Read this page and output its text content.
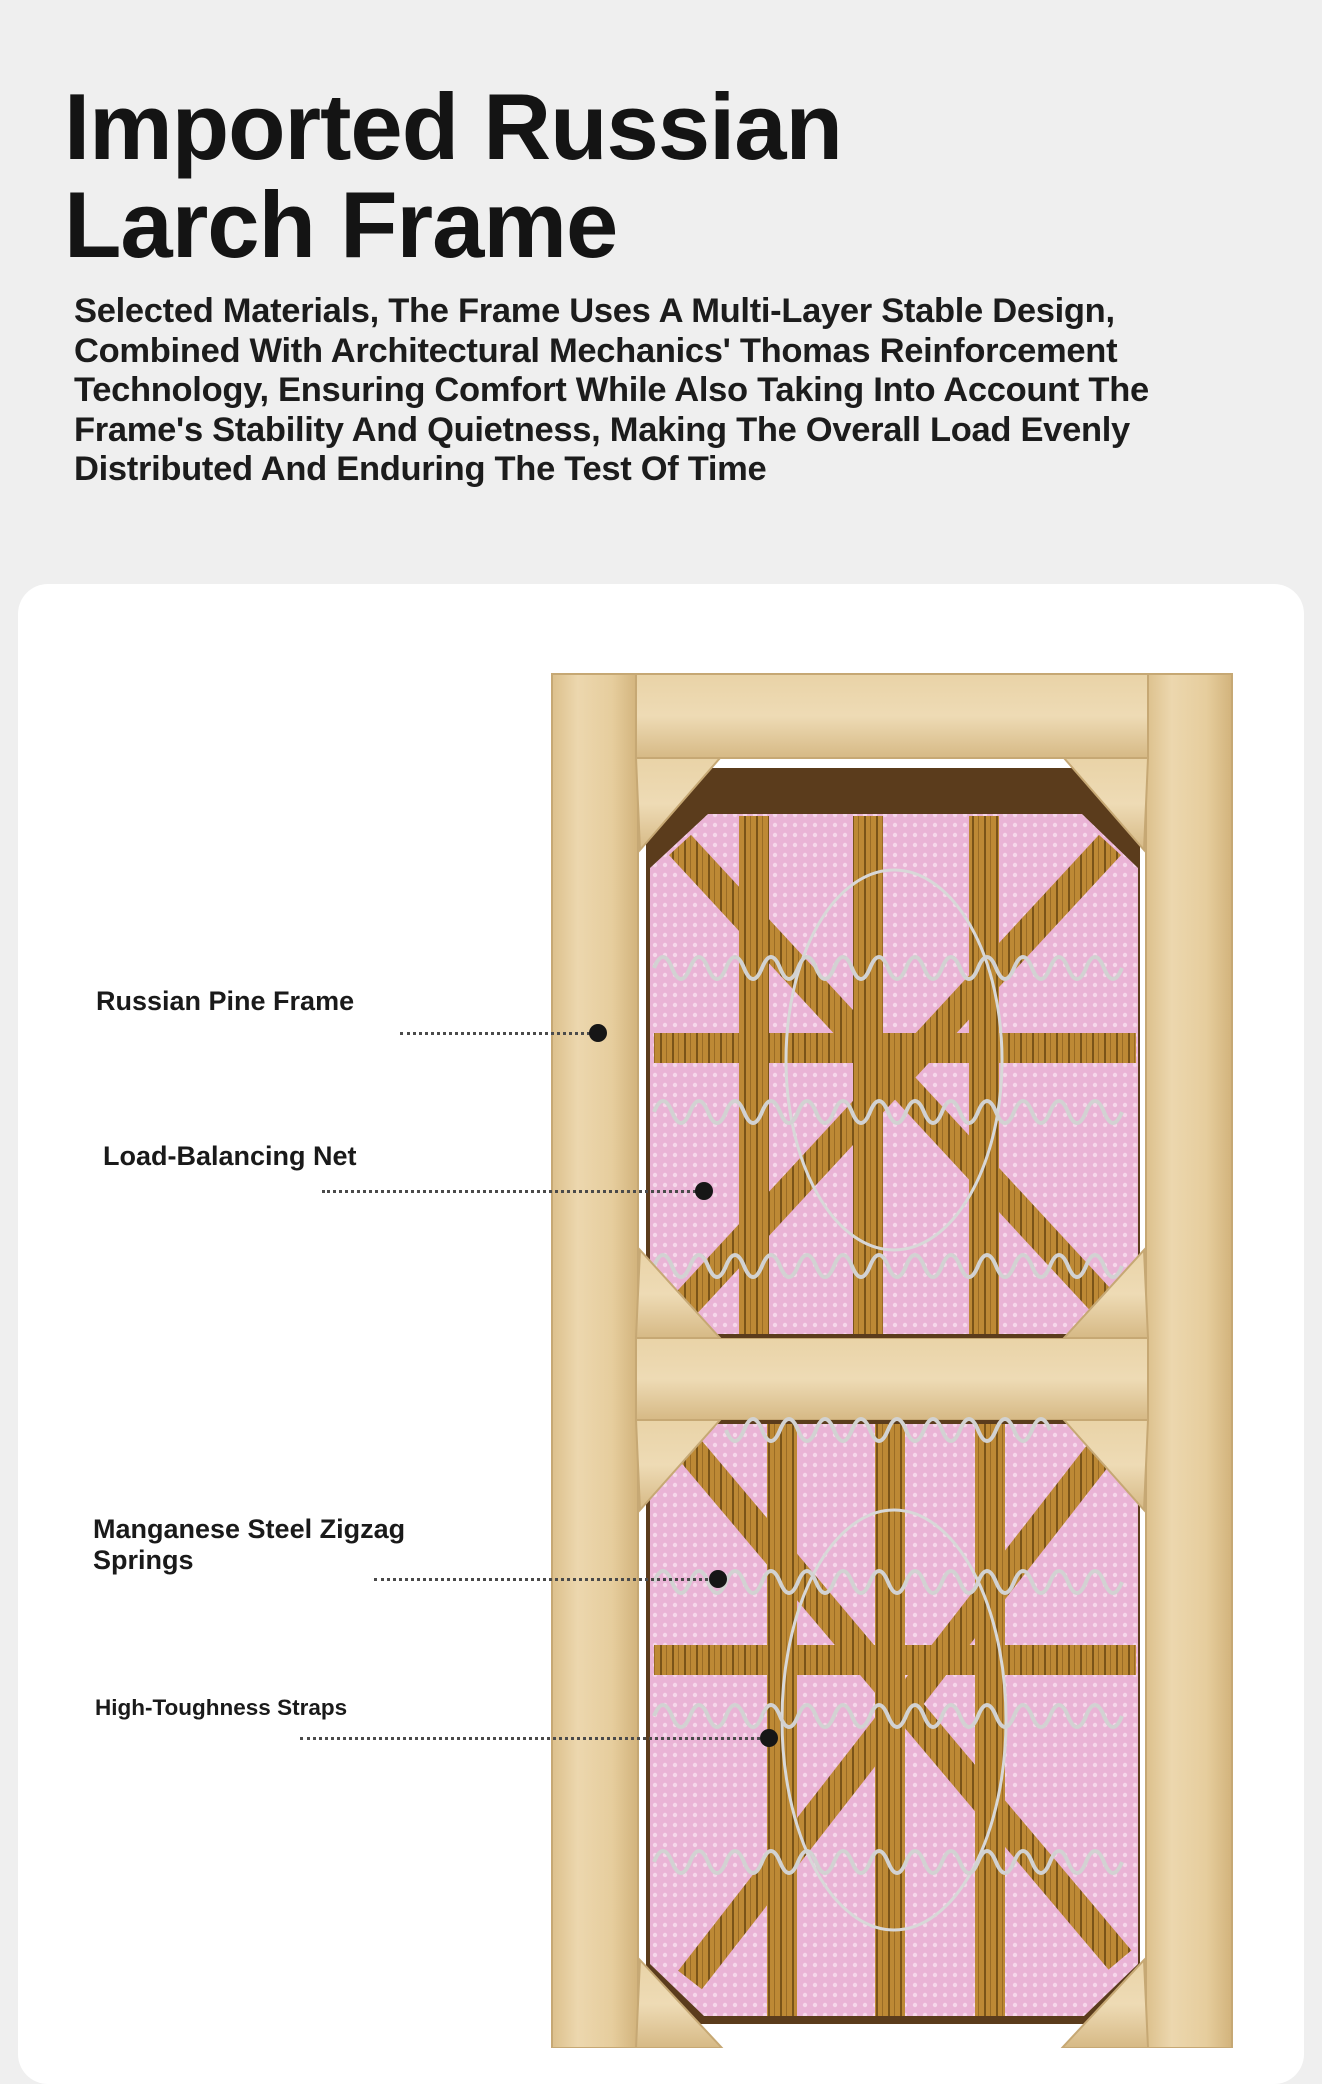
Imported Russian
Larch Frame

Selected Materials, The Frame Uses A Multi-Layer Stable Design, Combined With Architectural Mechanics' Thomas Reinforcement Technology, Ensuring Comfort While Also Taking Into Account The Frame's Stability And Quietness, Making The Overall Load Evenly Distributed And Enduring The Test Of Time

Russian Pine Frame

Load-Balancing Net

Manganese Steel Zigzag
Springs

High-Toughness Straps
